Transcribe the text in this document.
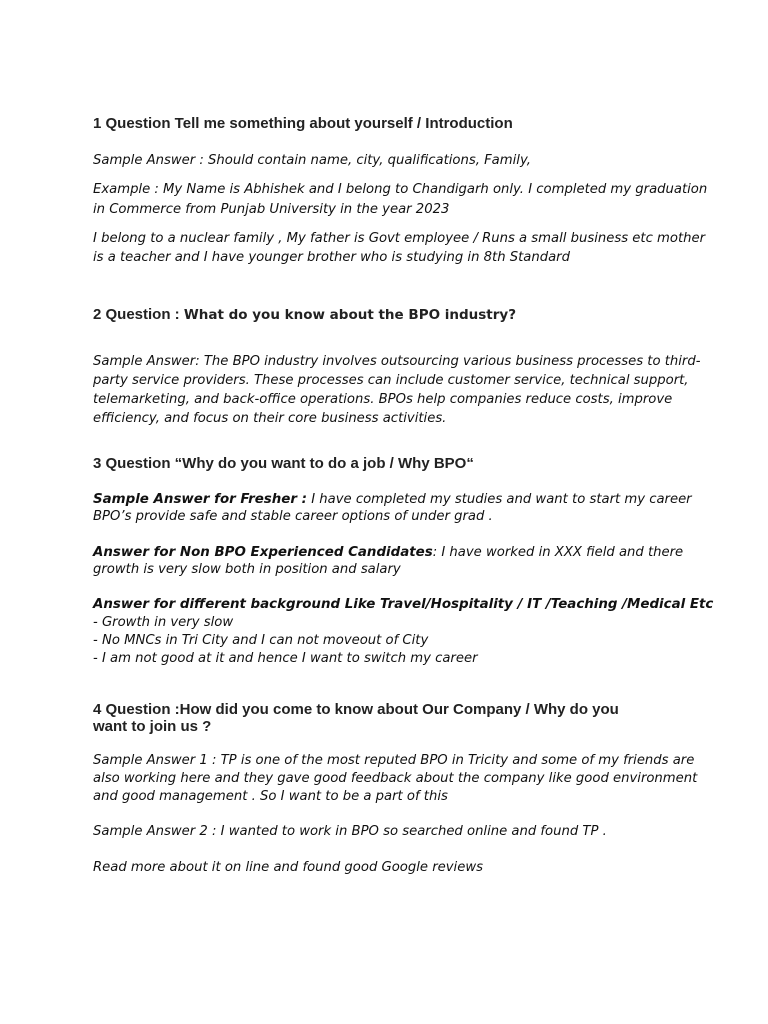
1 Question Tell me something about yourself / Introduction

Sample Answer : Should contain name, city, qualifications, Family,

Example : My Name is Abhishek and I belong to Chandigarh only. I completed my graduation

in Commerce from Punjab University in the year 2023

I belong to a nuclear family , My father is Govt employee / Runs a small business etc mother

is a teacher and I have younger brother who is studying in 8th Standard

2 Question : What do you know about the BPO industry?

Sample Answer: The BPO industry involves outsourcing various business processes to third-

party service providers. These processes can include customer service, technical support,

telemarketing, and back-office operations. BPOs help companies reduce costs, improve

efficiency, and focus on their core business activities.

3 Question “Why do you want to do a job / Why BPO“

Sample Answer for Fresher : I have completed my studies and want to start my career

BPO’s provide safe and stable career options of under grad .

Answer for Non BPO Experienced Candidates: I have worked in XXX field and there

growth is very slow both in position and salary

Answer for different background Like Travel/Hospitality / IT /Teaching /Medical Etc

- Growth in very slow

- No MNCs in Tri City and I can not moveout of City

- I am not good at it and hence I want to switch my career

4 Question :How did you come to know about Our Company / Why do you

want to join us ?

Sample Answer 1 : TP is one of the most reputed BPO in Tricity and some of my friends are

also working here and they gave good feedback about the company like good environment

and good management . So I want to be a part of this

Sample Answer 2 : I wanted to work in BPO so searched online and found TP .

Read more about it on line and found good Google reviews
